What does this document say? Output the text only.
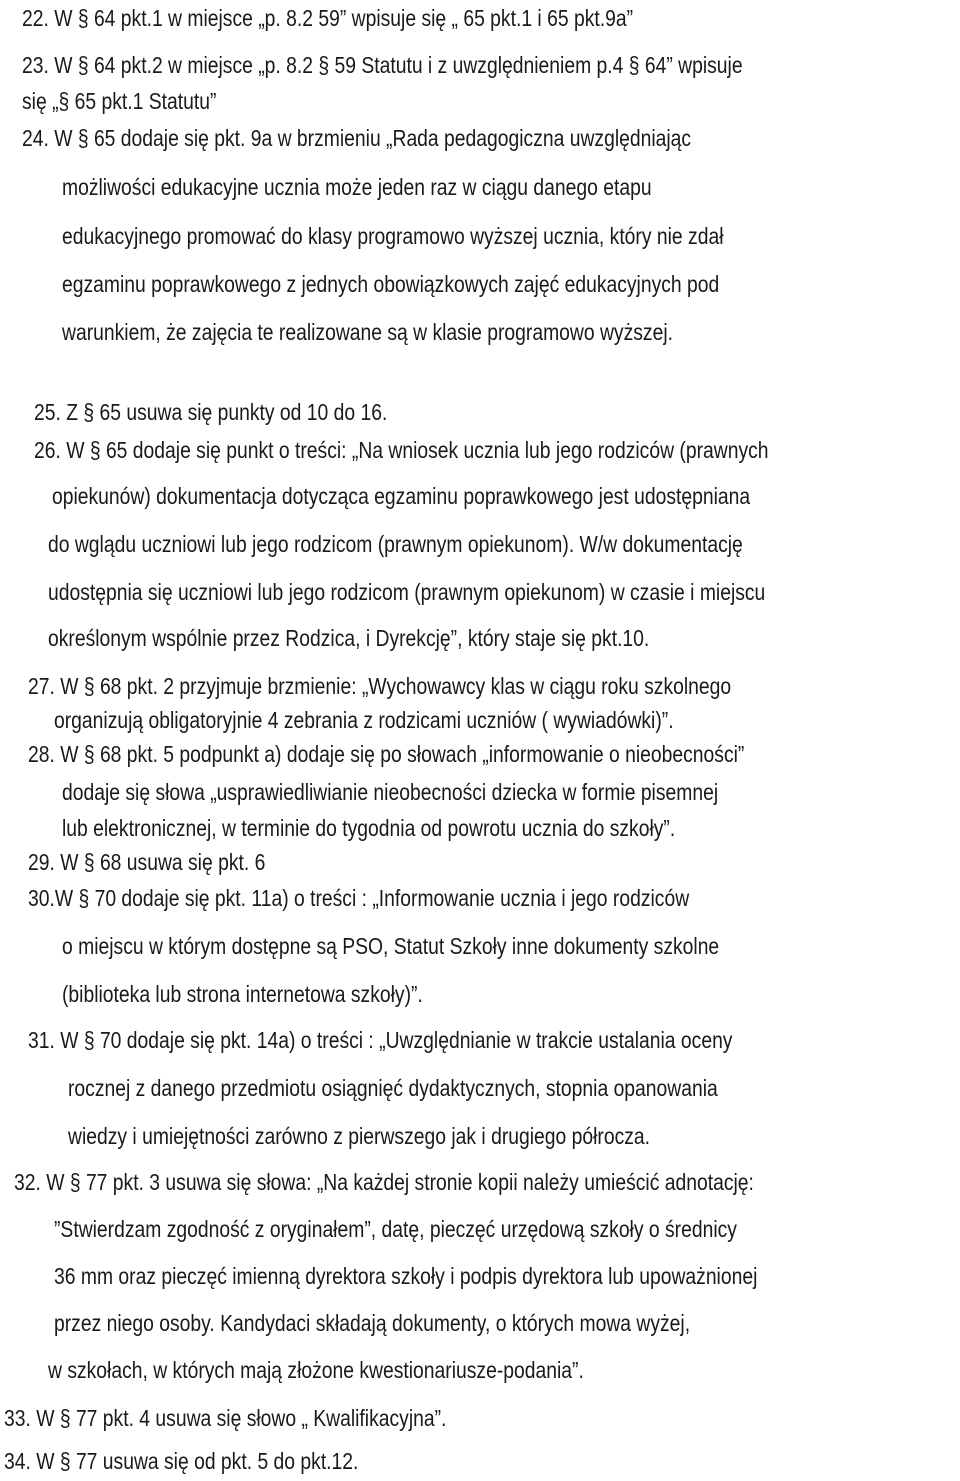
22. W § 64 pkt.1 w miejsce „p. 8.2 59” wpisuje się „ 65 pkt.1 i 65 pkt.9a”
23. W § 64 pkt.2 w miejsce „p. 8.2 § 59 Statutu i z uwzględnieniem p.4 § 64” wpisuje
się „§ 65 pkt.1 Statutu”
24. W § 65 dodaje się pkt. 9a w brzmieniu „Rada pedagogiczna uwzględniając
możliwości edukacyjne ucznia może jeden raz w ciągu danego etapu
edukacyjnego promować do klasy programowo wyższej ucznia, który nie zdał
egzaminu poprawkowego z jednych obowiązkowych zajęć edukacyjnych pod
warunkiem, że zajęcia te realizowane są w klasie programowo wyższej.
25. Z § 65 usuwa się punkty od 10 do 16.
26. W § 65 dodaje się punkt o treści: „Na wniosek ucznia lub jego rodziców (prawnych
opiekunów) dokumentacja dotycząca egzaminu poprawkowego jest udostępniana
do wglądu uczniowi lub jego rodzicom (prawnym opiekunom). W/w dokumentację
udostępnia się uczniowi lub jego rodzicom (prawnym opiekunom) w czasie i miejscu
określonym wspólnie przez Rodzica, i Dyrekcję”, który staje się pkt.10.
27. W § 68 pkt. 2 przyjmuje brzmienie: „Wychowawcy klas w ciągu roku szkolnego
organizują obligatoryjnie 4 zebrania z rodzicami uczniów ( wywiadówki)”.
28. W § 68 pkt. 5 podpunkt a) dodaje się po słowach „informowanie o nieobecności”
dodaje się słowa „usprawiedliwianie nieobecności dziecka w formie pisemnej
lub elektronicznej, w terminie do tygodnia od powrotu ucznia do szkoły”.
29. W § 68 usuwa się pkt. 6
30.W § 70 dodaje się pkt. 11a) o treści : „Informowanie ucznia i jego rodziców
o miejscu w którym dostępne są PSO, Statut Szkoły inne dokumenty szkolne
(biblioteka lub strona internetowa szkoły)”.
31. W § 70 dodaje się pkt. 14a) o treści : „Uwzględnianie w trakcie ustalania oceny
rocznej z danego przedmiotu osiągnięć dydaktycznych, stopnia opanowania
wiedzy i umiejętności zarówno z pierwszego jak i drugiego półrocza.
32. W § 77 pkt. 3 usuwa się słowa: „Na każdej stronie kopii należy umieścić adnotację:
”Stwierdzam zgodność z oryginałem”, datę, pieczęć urzędową szkoły o średnicy
36 mm oraz pieczęć imienną dyrektora szkoły i podpis dyrektora lub upoważnionej
przez niego osoby. Kandydaci składają dokumenty, o których mowa wyżej,
w szkołach, w których mają złożone kwestionariusze-podania”.
33. W § 77 pkt. 4 usuwa się słowo „ Kwalifikacyjna”.
34. W § 77 usuwa się od pkt. 5 do pkt.12.
